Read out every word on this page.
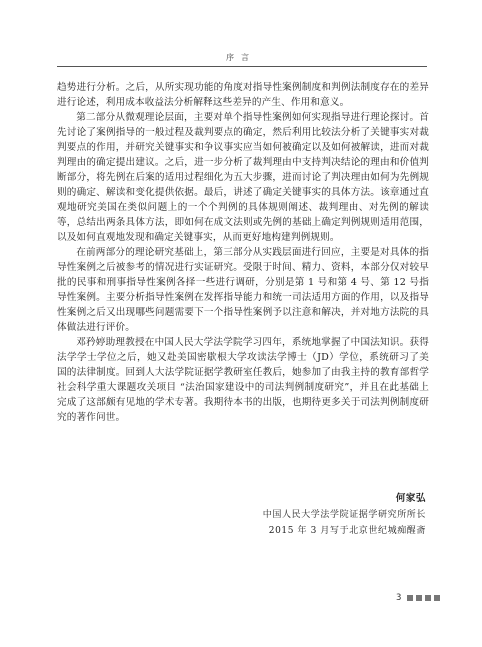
序言

趋势进行分析。之后，从所实现功能的角度对指导性案例制度和判例法制度存在的差异进行论述，利用成本收益法分析解释这些差异的产生、作用和意义。

第二部分从微观理论层面，主要对单个指导性案例如何实现指导进行理论探讨。首先讨论了案例指导的一般过程及裁判要点的确定，然后利用比较法分析了关键事实对裁判要点的作用，并研究关键事实和争议事实应当如何被确定以及如何被解读，进而对裁判理由的确定提出建议。之后，进一步分析了裁判理由中支持判决结论的理由和价值判断部分，将先例在后案的适用过程细化为五大步骤，进而讨论了判决理由如何为先例规则的确定、解读和变化提供依据。最后，讲述了确定关键事实的具体方法。该章通过直观地研究美国在类似问题上的一个个判例的具体规则阐述、裁判理由、对先例的解读等，总结出两条具体方法，即如何在成文法则或先例的基础上确定判例规则适用范围，以及如何直观地发现和确定关键事实，从而更好地构建判例规则。

在前两部分的理论研究基础上，第三部分从实践层面进行回应，主要是对具体的指导性案例之后被参考的情况进行实证研究。受限于时间、精力、资料，本部分仅对较早批的民事和刑事指导性案例各择一些进行调研，分别是第 1 号和第 4 号、第 12 号指导性案例。主要分析指导性案例在发挥指导能力和统一司法适用方面的作用，以及指导性案例之后又出现哪些问题需要下一个指导性案例予以注意和解决，并对地方法院的具体做法进行评价。

邓矜婷助理教授在中国人民大学法学院学习四年，系统地掌握了中国法知识。获得法学学士学位之后，她又赴美国密歇根大学攻读法学博士（JD）学位，系统研习了美国的法律制度。回到人大法学院证据学教研室任教后，她参加了由我主持的教育部哲学社会科学重大课题攻关项目 “法治国家建设中的司法判例制度研究”，并且在此基础上完成了这部颇有见地的学术专著。我期待本书的出版，也期待更多关于司法判例制度研究的著作问世。

何家弘
中国人民大学法学院证据学研究所所长
2015 年 3 月写于北京世纪城痴醒斋
3
